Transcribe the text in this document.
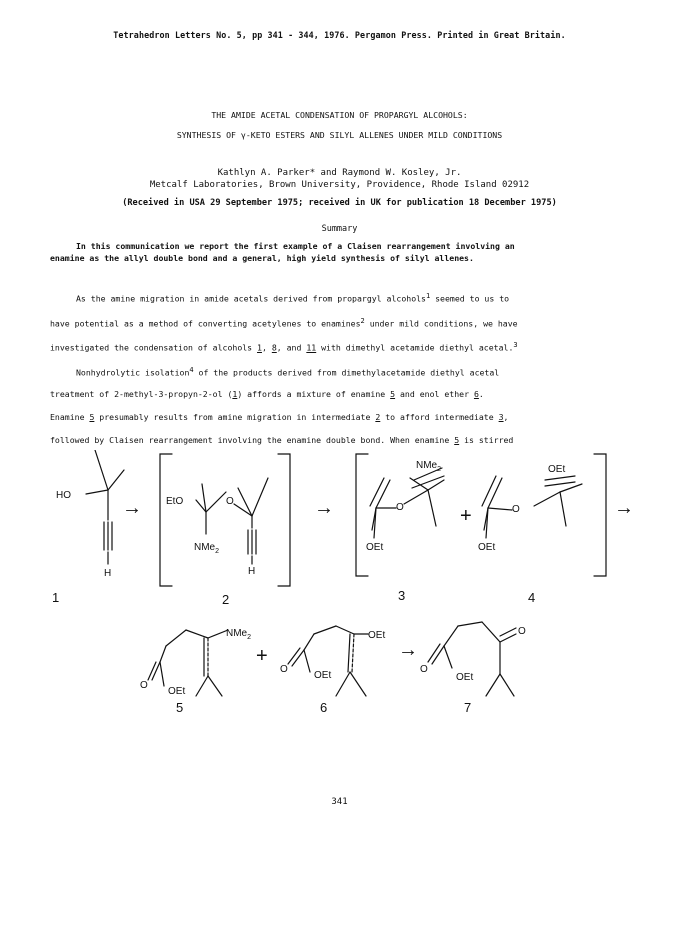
Tetrahedron Letters No. 5, pp 341 - 344, 1976. Pergamon Press. Printed in Great Britain.

THE AMIDE ACETAL CONDENSATION OF PROPARGYL ALCOHOLS:

SYNTHESIS OF γ-KETO ESTERS AND SILYL ALLENES UNDER MILD CONDITIONS

Kathlyn A. Parker* and Raymond W. Kosley, Jr.

Metcalf Laboratories, Brown University, Providence, Rhode Island 02912

(Received in USA 29 September 1975; received in UK for publication 18 December 1975)

Summary

In this communication we report the first example of a Claisen rearrangement involving an

enamine as the allyl double bond and a general, high yield synthesis of silyl allenes.

As the amine migration in amide acetals derived from propargyl alcohols1 seemed to us to

have potential as a method of converting acetylenes to enamines2 under mild conditions, we have

investigated the condensation of alcohols 1, 8, and 11 with dimethyl acetamide diethyl acetal.3

Nonhydrolytic isolation4 of the products derived from dimethylacetamide diethyl acetal

treatment of 2-methyl-3-propyn-2-ol (1) affords a mixture of enamine 5 and enol ether 6.

Enamine 5 presumably results from amine migration in intermediate 2 to afford intermediate 3,

followed by Claisen rearrangement involving the enamine double bond. When enamine 5 is stirred

HO
H
EtO	O
NMe$_2$
H
O
NMe$_2$
OEt
O
OEt
OEt
NMe$_2$
O
OEt
OEt
O
OEt
O
O
OEt
→	→	+	→
+	→
1	2	3	4
5	6	7

341
